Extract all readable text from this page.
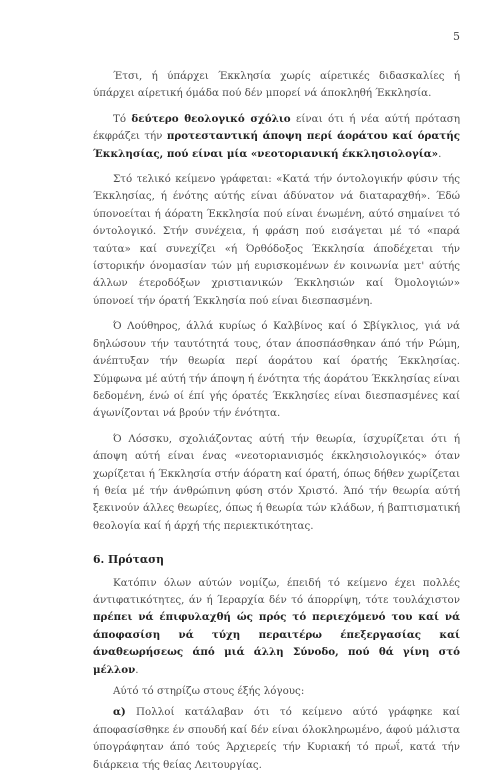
5

Έτσι, ή ύπάρχει Έκκλησία χωρίς αίρετικές διδασκαλίες ή ύπάρχει αίρετική όμάδα πού δέν μπορεί νά άποκληθή Έκκλησία.

Τό δεύτερο θεολογικό σχόλιο είναι ότι ή νέα αύτή πρόταση έκφράζει τήν προτεσταντική άποψη περί άοράτου καί όρατής Έκκλησίας, πού είναι μία «νεοτοριανική έκκλησιολογία».

Στό τελικό κείμενο γράφεται: «Κατά τήν όντολογικήν φύσιν τής Έκκλησίας, ή ένότης αύτής είναι άδύνατον νά διαταραχθή». Έδώ ύπονοείται ή άόρατη Έκκλησία πού είναι ένωμένη, αύτό σημαίνει τό όντολογικό. Στήν συνέχεια, ή φράση πού εισάγεται μέ τό «παρά ταύτα» καί συνεχίζει «ή Όρθόδοξος Έκκλησία άποδέχεται τήν ίστορικήν όνομασίαν τών μή ευρισκομένων έν κοινωνία μετ' αύτής άλλων έτεροδόξων χριστιανικών Έκκλησιών καί Όμολογιών» ύπονοεί τήν όρατή Έκκλησία πού είναι διεσπασμένη.

Ό Λούθηρος, άλλά κυρίως ό Καλβίνος καί ό Σβίγκλιος, γιά νά δηλώσουν τήν ταυτότητά τους, όταν άποσπάσθηκαν άπό τήν Ρώμη, άνέπτυξαν τήν θεωρία περί άοράτου καί όρατής Έκκλησίας. Σύμφωνα μέ αύτή τήν άποψη ή ένότητα τής άοράτου Έκκλησίας είναι δεδομένη, ένώ οί έπί γής όρατές Έκκλησίες είναι διεσπασμένες καί άγωνίζονται νά βρούν τήν ένότητα.

Ό Λόσσκυ, σχολιάζοντας αύτή τήν θεωρία, ίσχυρίζεται ότι ή άποψη αύτή είναι ένας «νεοτοριανισμός έκκλησιολογικός» όταν χωρίζεται ή Έκκλησία στήν άόρατη καί όρατή, όπως δήθεν χωρίζεται ή θεία μέ τήν άνθρώπινη φύση στόν Χριστό. Άπό τήν θεωρία αύτή ξεκινούν άλλες θεωρίες, όπως ή θεωρία τών κλάδων, ή βαπτισματική θεολογία καί ή άρχή τής περιεκτικότητας.

6. Πρόταση

Κατόπιν όλων αύτών νομίζω, έπειδή τό κείμενο έχει πολλές άντιφατικότητες, άν ή Ίεραρχία δέν τό άπορρίψη, τότε τουλάχιστον πρέπει νά έπιφυλαχθή ώς πρός τό περιεχόμενό του καί νά άποφασίση νά τύχη περαιτέρω έπεξεργασίας καί άναθεωρήσεως άπό μιά άλλη Σύνοδο, πού θά γίνη στό μέλλον.

Αύτό τό στηρίζω στους έξής λόγους:

α) Πολλοί κατάλαβαν ότι τό κείμενο αύτό γράφηκε καί άποφασίσθηκε έν σπουδή καί δέν είναι όλοκληρωμένο, άφού μάλιστα ύπογράφηταν άπό τούς Άρχιερείς τήν Κυριακή τό πρωΐ, κατά τήν διάρκεια τής θείας Λειτουργίας.
